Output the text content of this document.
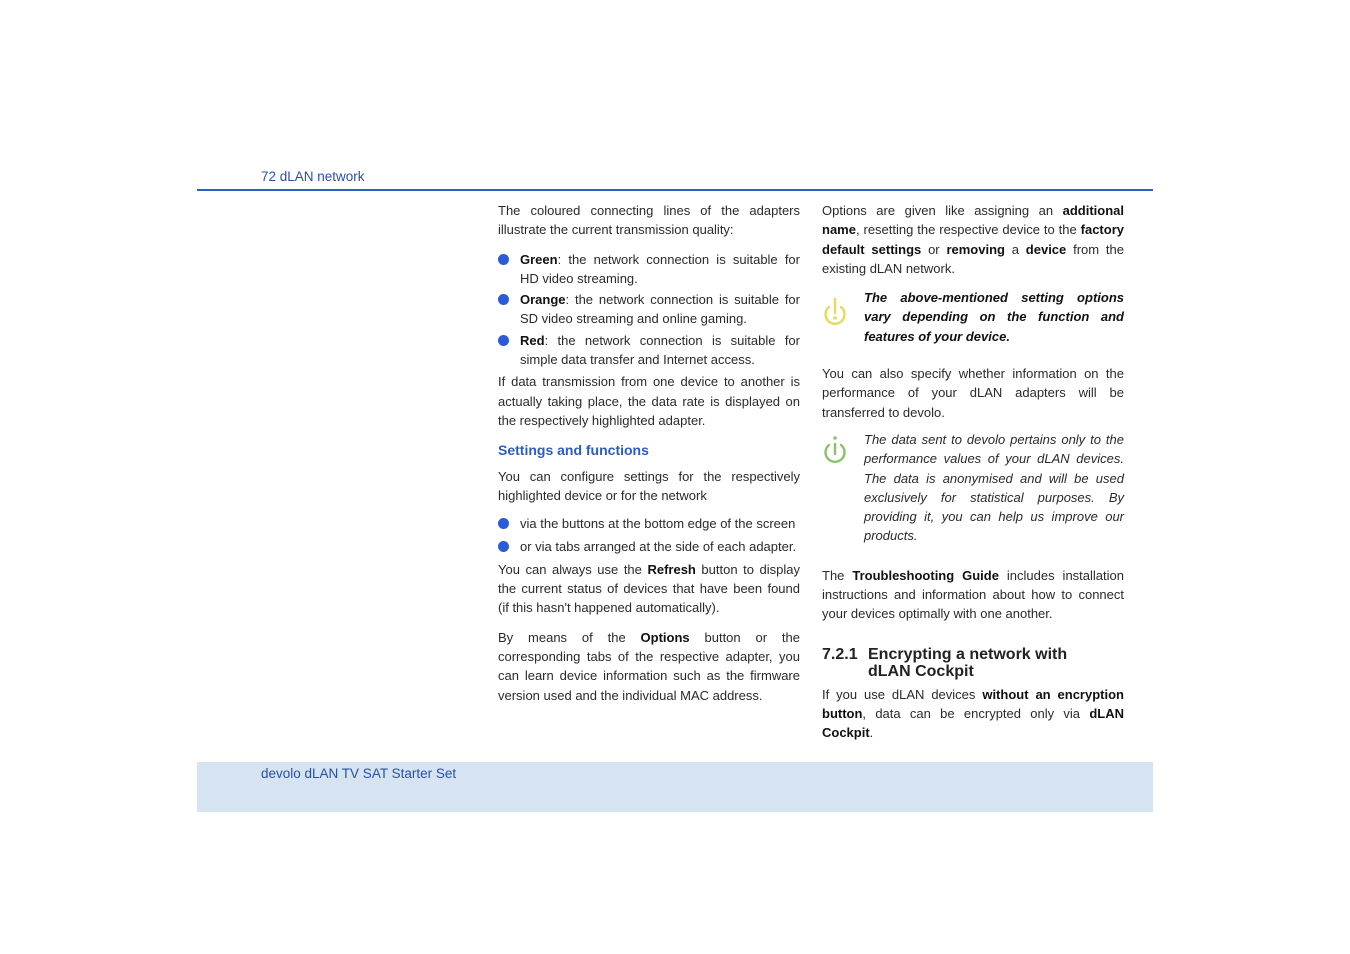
72 dLAN network

The coloured connecting lines of the adapters illustrate the current transmission quality:

Green: the network connection is suitable for HD video streaming.
Orange: the network connection is suitable for SD video streaming and online gaming.
Red: the network connection is suitable for simple data transfer and Internet access.

If data transmission from one device to another is actually taking place, the data rate is displayed on the respectively highlighted adapter.

Settings and functions

You can configure settings for the respectively highlighted device or for the network

via the buttons at the bottom edge of the screen
or via tabs arranged at the side of each adapter.

You can always use the Refresh button to display the current status of devices that have been found (if this hasn't happened automatically).

By means of the Options button or the corresponding tabs of the respective adapter, you can learn device information such as the firmware version used and the individual MAC address.

Options are given like assigning an additional name, resetting the respective device to the factory default settings or removing a device from the existing dLAN network.

The above-mentioned setting options vary depending on the function and features of your device.

You can also specify whether information on the performance of your dLAN adapters will be transferred to devolo.

The data sent to devolo pertains only to the performance values of your dLAN devices. The data is anonymised and will be used exclusively for statistical purposes. By providing it, you can help us improve our products.

The Troubleshooting Guide includes installation instructions and information about how to connect your devices optimally with one another.

7.2.1 Encrypting a network with
dLAN Cockpit

If you use dLAN devices without an encryption button, data can be encrypted only via dLAN Cockpit.

devolo dLAN TV SAT Starter Set
